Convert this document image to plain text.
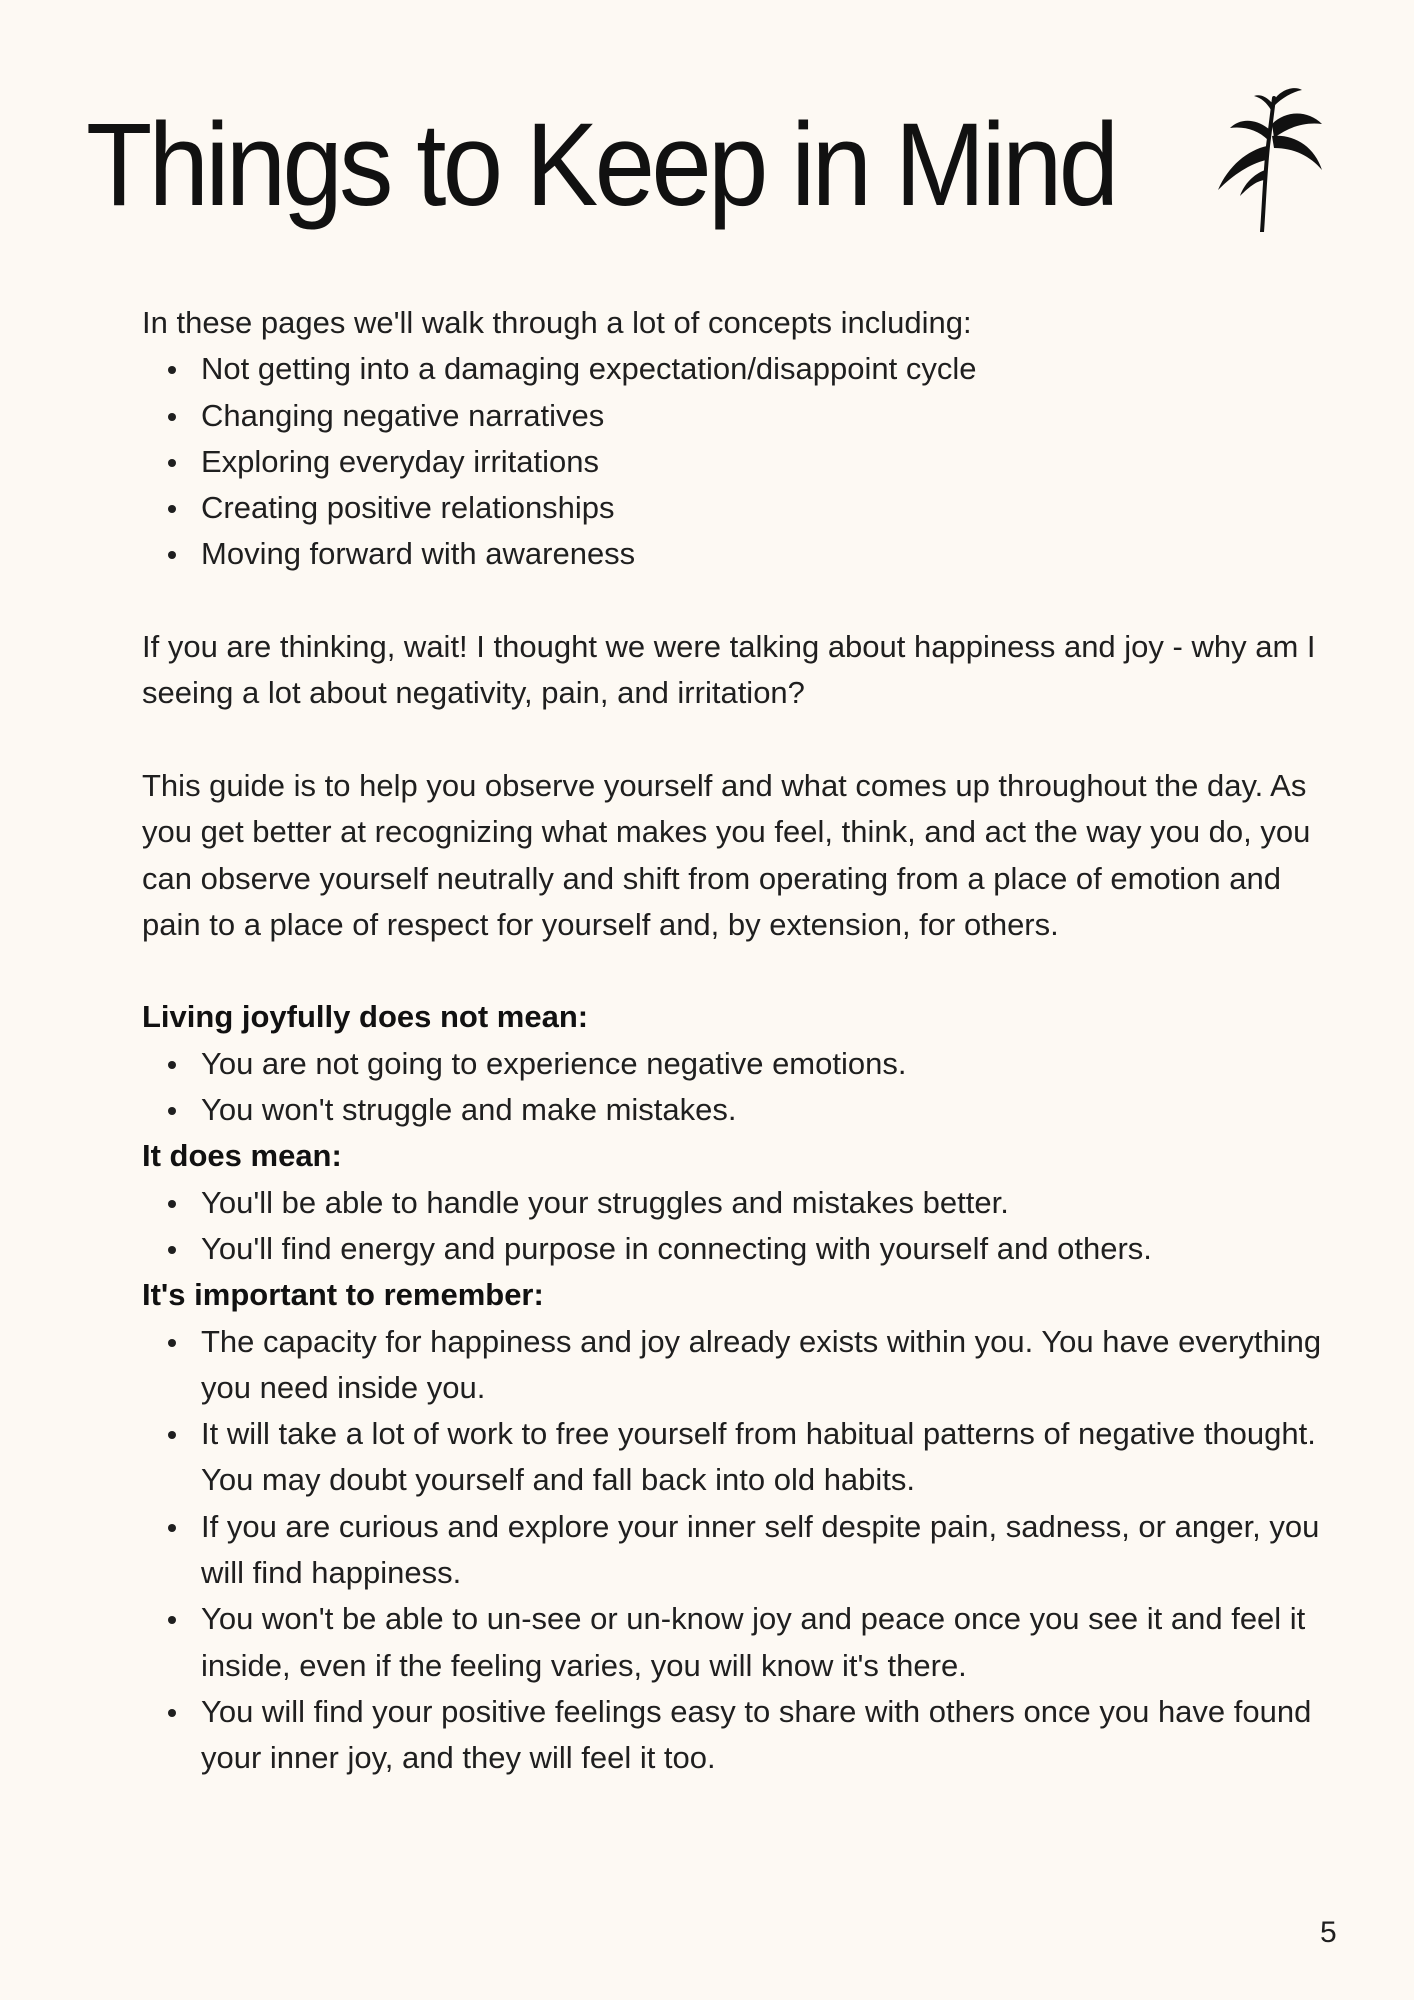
Things to Keep in Mind

In these pages we'll walk through a lot of concepts including:

Not getting into a damaging expectation/disappoint cycle
Changing negative narratives
Exploring everyday irritations
Creating positive relationships
Moving forward with awareness

If you are thinking, wait! I thought we were talking about happiness and joy - why am I seeing a lot about negativity, pain, and irritation?

This guide is to help you observe yourself and what comes up throughout the day. As you get better at recognizing what makes you feel, think, and act the way you do, you can observe yourself neutrally and shift from operating from a place of emotion and pain to a place of respect for yourself and, by extension, for others.

Living joyfully does not mean:

You are not going to experience negative emotions.
You won't struggle and make mistakes.

It does mean:

You'll be able to handle your struggles and mistakes better.
You'll find energy and purpose in connecting with yourself and others.

It's important to remember:

The capacity for happiness and joy already exists within you. You have everything you need inside you.
It will take a lot of work to free yourself from habitual patterns of negative thought. You may doubt yourself and fall back into old habits.
If you are curious and explore your inner self despite pain, sadness, or anger, you will find happiness.
You won't be able to un-see or un-know joy and peace once you see it and feel it inside, even if the feeling varies, you will know it's there.
You will find your positive feelings easy to share with others once you have found your inner joy, and they will feel it too.
5
